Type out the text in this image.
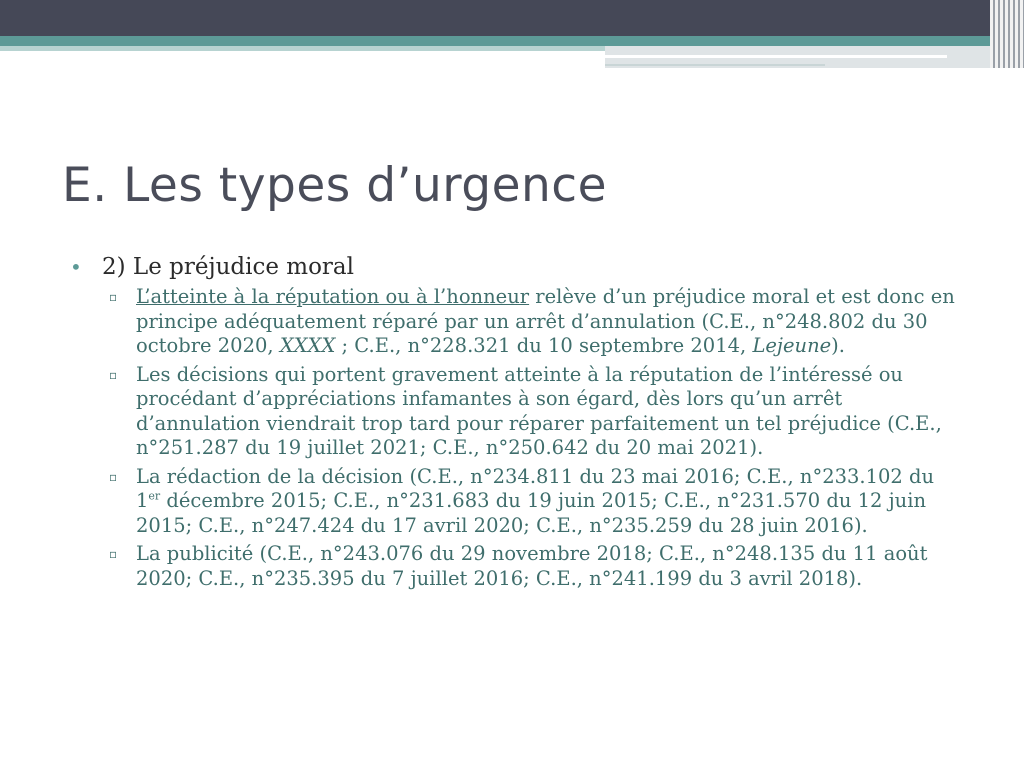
E. Les types d’urgence
• 2) Le préjudice moral
▫ L’atteinte à la réputation ou à l’honneur relève d’un préjudice moral et est donc en principe adéquatement réparé par un arrêt d’annulation (C.E., n°248.802 du 30 octobre 2020, XXXX ; C.E., n°228.321 du 10 septembre 2014, Lejeune).
▫ Les décisions qui portent gravement atteinte à la réputation de l’intéressé ou procédant d’appréciations infamantes à son égard, dès lors qu’un arrêt d’annulation viendrait trop tard pour réparer parfaitement un tel préjudice (C.E., n°251.287 du 19 juillet 2021; C.E., n°250.642 du 20 mai 2021).
▫ La rédaction de la décision (C.E., n°234.811 du 23 mai 2016; C.E., n°233.102 du 1er décembre 2015; C.E., n°231.683 du 19 juin 2015; C.E., n°231.570 du 12 juin 2015; C.E., n°247.424 du 17 avril 2020; C.E., n°235.259 du 28 juin 2016).
▫ La publicité (C.E., n°243.076 du 29 novembre 2018; C.E., n°248.135 du 11 août 2020; C.E., n°235.395 du 7 juillet 2016; C.E., n°241.199 du 3 avril 2018).
